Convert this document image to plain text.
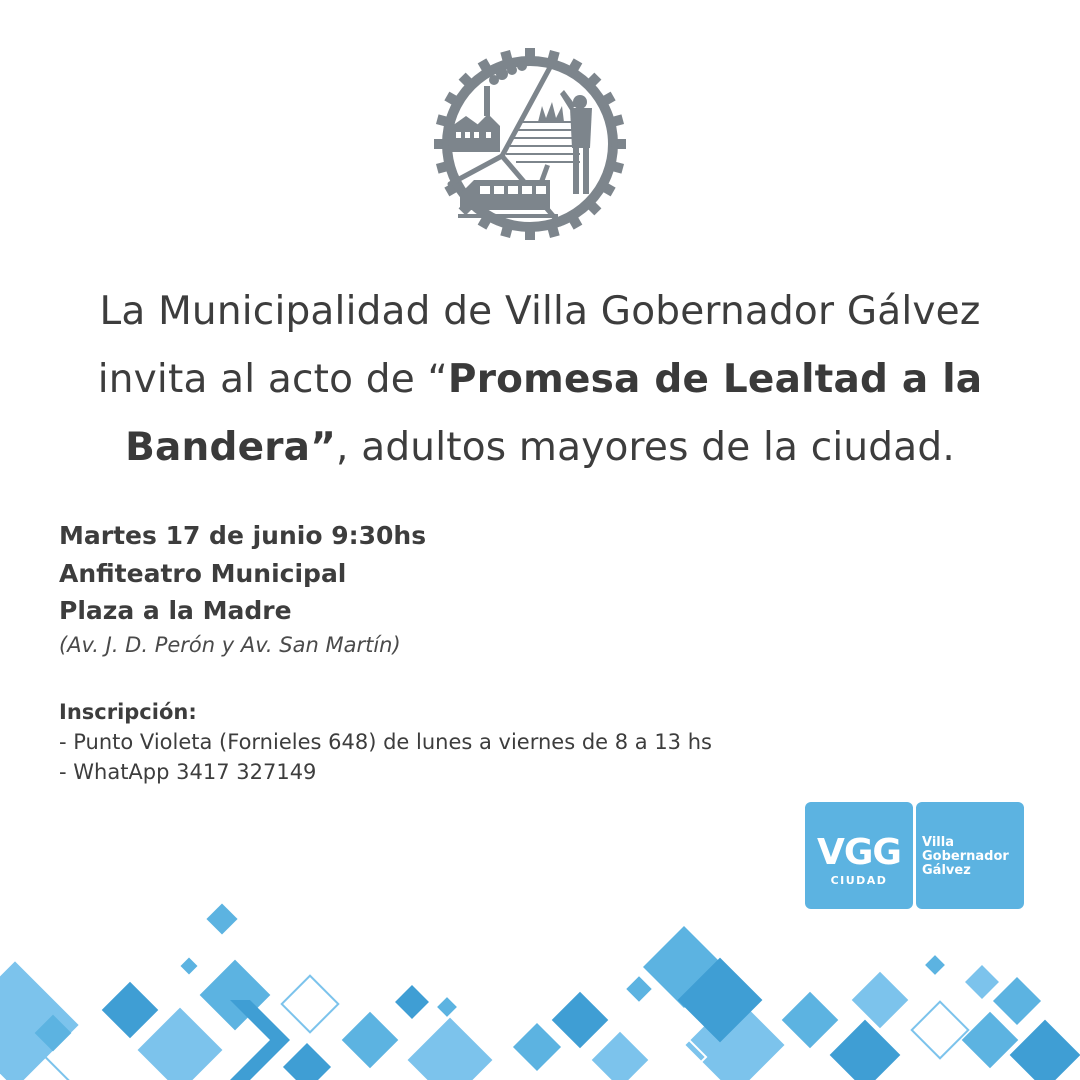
La Municipalidad de Villa Gobernador Gálvez
invita al acto de “Promesa de Lealtad a la
Bandera”, adultos mayores de la ciudad.
Martes 17 de junio 9:30hs
Anfiteatro Municipal
Plaza a la Madre
(Av. J. D. Perón y Av. San Martín)
Inscripción:
- Punto Violeta (Fornieles 648) de lunes a viernes de 8 a 13 hs
- WhatApp 3417 327149
VGG
CIUDAD
Villa
Gobernador
Gálvez
